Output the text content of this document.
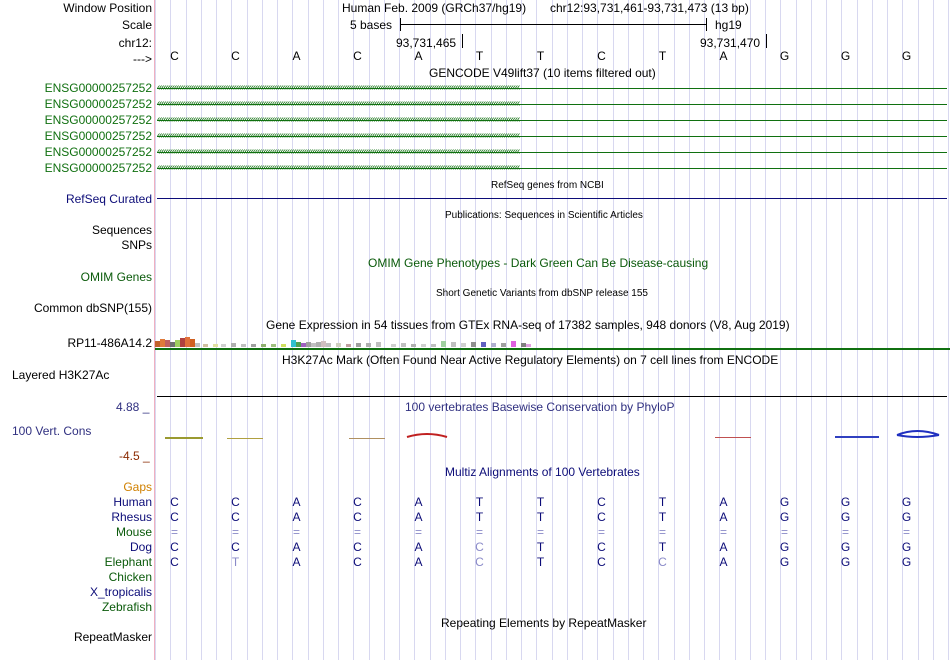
Window Position
Scale
chr12:
--->
Human Feb. 2009 (GRCh37/hg19) chr12:93,731,461-93,731,473 (13 bp)
5 bases	hg19
93,731,465	93,731,470
C	C	A	C	A	T	T	C	T	A	G	G	G
GENCODE V49lift37 (10 items filtered out)
ENSG00000257252
ENSG00000257252
ENSG00000257252
ENSG00000257252
ENSG00000257252
ENSG00000257252
‹‹‹‹‹‹‹‹‹‹‹‹‹‹‹‹‹‹‹‹‹‹‹‹‹‹‹‹‹‹‹‹‹‹‹‹‹‹‹‹‹‹‹‹‹‹‹‹‹‹‹‹‹‹‹‹‹‹‹‹‹‹‹‹‹‹‹‹‹‹‹‹‹‹‹‹‹‹‹‹‹‹‹‹‹‹‹‹‹‹‹‹‹‹‹‹‹‹‹‹‹‹‹‹‹‹‹‹‹‹‹‹‹‹‹‹‹‹‹‹‹‹‹‹‹‹‹‹‹‹‹‹‹‹‹‹‹‹‹‹‹‹‹‹‹‹‹‹‹‹‹‹‹‹‹‹‹‹‹‹‹‹‹‹‹‹‹‹‹‹
‹‹‹‹‹‹‹‹‹‹‹‹‹‹‹‹‹‹‹‹‹‹‹‹‹‹‹‹‹‹‹‹‹‹‹‹‹‹‹‹‹‹‹‹‹‹‹‹‹‹‹‹‹‹‹‹‹‹‹‹‹‹‹‹‹‹‹‹‹‹‹‹‹‹‹‹‹‹‹‹‹‹‹‹‹‹‹‹‹‹‹‹‹‹‹‹‹‹‹‹‹‹‹‹‹‹‹‹‹‹‹‹‹‹‹‹‹‹‹‹‹‹‹‹‹‹‹‹‹‹‹‹‹‹‹‹‹‹‹‹‹‹‹‹‹‹‹‹‹‹‹‹‹‹‹‹‹‹‹‹‹‹‹‹‹‹‹‹‹‹
‹‹‹‹‹‹‹‹‹‹‹‹‹‹‹‹‹‹‹‹‹‹‹‹‹‹‹‹‹‹‹‹‹‹‹‹‹‹‹‹‹‹‹‹‹‹‹‹‹‹‹‹‹‹‹‹‹‹‹‹‹‹‹‹‹‹‹‹‹‹‹‹‹‹‹‹‹‹‹‹‹‹‹‹‹‹‹‹‹‹‹‹‹‹‹‹‹‹‹‹‹‹‹‹‹‹‹‹‹‹‹‹‹‹‹‹‹‹‹‹‹‹‹‹‹‹‹‹‹‹‹‹‹‹‹‹‹‹‹‹‹‹‹‹‹‹‹‹‹‹‹‹‹‹‹‹‹‹‹‹‹‹‹‹‹‹‹‹‹‹
‹‹‹‹‹‹‹‹‹‹‹‹‹‹‹‹‹‹‹‹‹‹‹‹‹‹‹‹‹‹‹‹‹‹‹‹‹‹‹‹‹‹‹‹‹‹‹‹‹‹‹‹‹‹‹‹‹‹‹‹‹‹‹‹‹‹‹‹‹‹‹‹‹‹‹‹‹‹‹‹‹‹‹‹‹‹‹‹‹‹‹‹‹‹‹‹‹‹‹‹‹‹‹‹‹‹‹‹‹‹‹‹‹‹‹‹‹‹‹‹‹‹‹‹‹‹‹‹‹‹‹‹‹‹‹‹‹‹‹‹‹‹‹‹‹‹‹‹‹‹‹‹‹‹‹‹‹‹‹‹‹‹‹‹‹‹‹‹‹‹
‹‹‹‹‹‹‹‹‹‹‹‹‹‹‹‹‹‹‹‹‹‹‹‹‹‹‹‹‹‹‹‹‹‹‹‹‹‹‹‹‹‹‹‹‹‹‹‹‹‹‹‹‹‹‹‹‹‹‹‹‹‹‹‹‹‹‹‹‹‹‹‹‹‹‹‹‹‹‹‹‹‹‹‹‹‹‹‹‹‹‹‹‹‹‹‹‹‹‹‹‹‹‹‹‹‹‹‹‹‹‹‹‹‹‹‹‹‹‹‹‹‹‹‹‹‹‹‹‹‹‹‹‹‹‹‹‹‹‹‹‹‹‹‹‹‹‹‹‹‹‹‹‹‹‹‹‹‹‹‹‹‹‹‹‹‹‹‹‹‹
‹‹‹‹‹‹‹‹‹‹‹‹‹‹‹‹‹‹‹‹‹‹‹‹‹‹‹‹‹‹‹‹‹‹‹‹‹‹‹‹‹‹‹‹‹‹‹‹‹‹‹‹‹‹‹‹‹‹‹‹‹‹‹‹‹‹‹‹‹‹‹‹‹‹‹‹‹‹‹‹‹‹‹‹‹‹‹‹‹‹‹‹‹‹‹‹‹‹‹‹‹‹‹‹‹‹‹‹‹‹‹‹‹‹‹‹‹‹‹‹‹‹‹‹‹‹‹‹‹‹‹‹‹‹‹‹‹‹‹‹‹‹‹‹‹‹‹‹‹‹‹‹‹‹‹‹‹‹‹‹‹‹‹‹‹‹‹‹‹‹
RefSeq genes from NCBI
RefSeq Curated
Publications: Sequences in Scientific Articles
Sequences
SNPs
OMIM Gene Phenotypes - Dark Green Can Be Disease-causing
OMIM Genes
Short Genetic Variants from dbSNP release 155
Common dbSNP(155)
Gene Expression in 54 tissues from GTEx RNA-seq of 17382 samples, 948 donors (V8, Aug 2019)
RP11-486A14.2
H3K27Ac Mark (Often Found Near Active Regulatory Elements) on 7 cell lines from ENCODE
Layered H3K27Ac
100 vertebrates Basewise Conservation by PhyloP
4.88 _
100 Vert. Cons
-4.5 _
Multiz Alignments of 100 Vertebrates
Gaps
Human	C	C	A	C	A	T	T	C	T	A	G	G	G
Rhesus	C	C	A	C	A	T	T	C	T	A	G	G	G
Mouse	=	=	=	=	=	=	=	=	=	=	=	=	=
Dog	C	C	A	C	A	C	T	C	T	A	G	G	G
Elephant	C	T	A	C	A	C	T	C	C	A	G	G	G
Chicken
X_tropicalis
Zebrafish
Repeating Elements by RepeatMasker
RepeatMasker
